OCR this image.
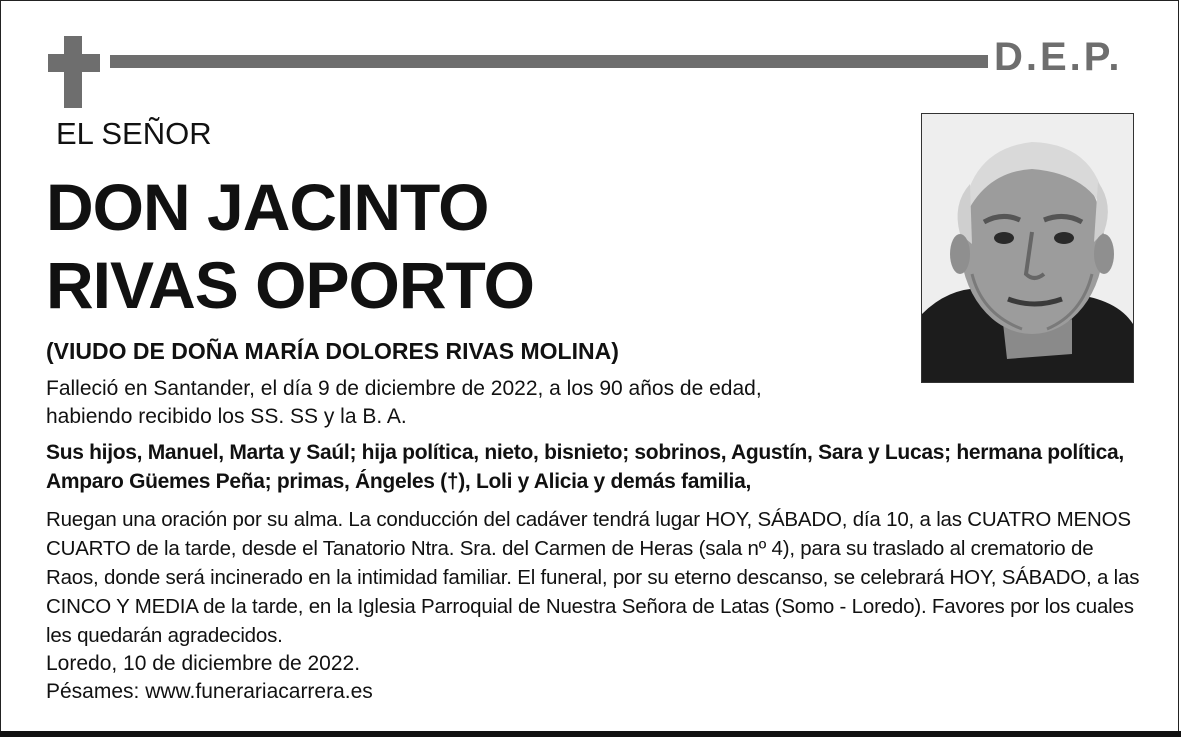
D.E.P.
EL SEÑOR
DON JACINTO
RIVAS OPORTO
(VIUDO DE DOÑA MARÍA DOLORES RIVAS MOLINA)
Falleció en Santander, el día 9 de diciembre de 2022, a los 90 años de edad,
habiendo recibido los SS. SS y la B. A.
Sus hijos, Manuel, Marta y Saúl; hija política, nieto, bisnieto; sobrinos, Agustín, Sara y Lucas; hermana política, Amparo Güemes Peña; primas, Ángeles (†), Loli y Alicia y demás familia,
Ruegan una oración por su alma. La conducción del cadáver tendrá lugar HOY, SÁBADO, día 10, a las CUATRO MENOS CUARTO de la tarde, desde el Tanatorio Ntra. Sra. del Carmen de Heras (sala nº 4), para su traslado al crematorio de Raos, donde será incinerado en la intimidad familiar. El funeral, por su eterno descanso, se celebrará HOY, SÁBADO, a las CINCO Y MEDIA de la tarde, en la Iglesia Parroquial de Nuestra Señora de Latas (Somo - Loredo). Favores por los cuales les quedarán agradecidos.
Loredo, 10 de diciembre de 2022.
Pésames: www.funerariacarrera.es
